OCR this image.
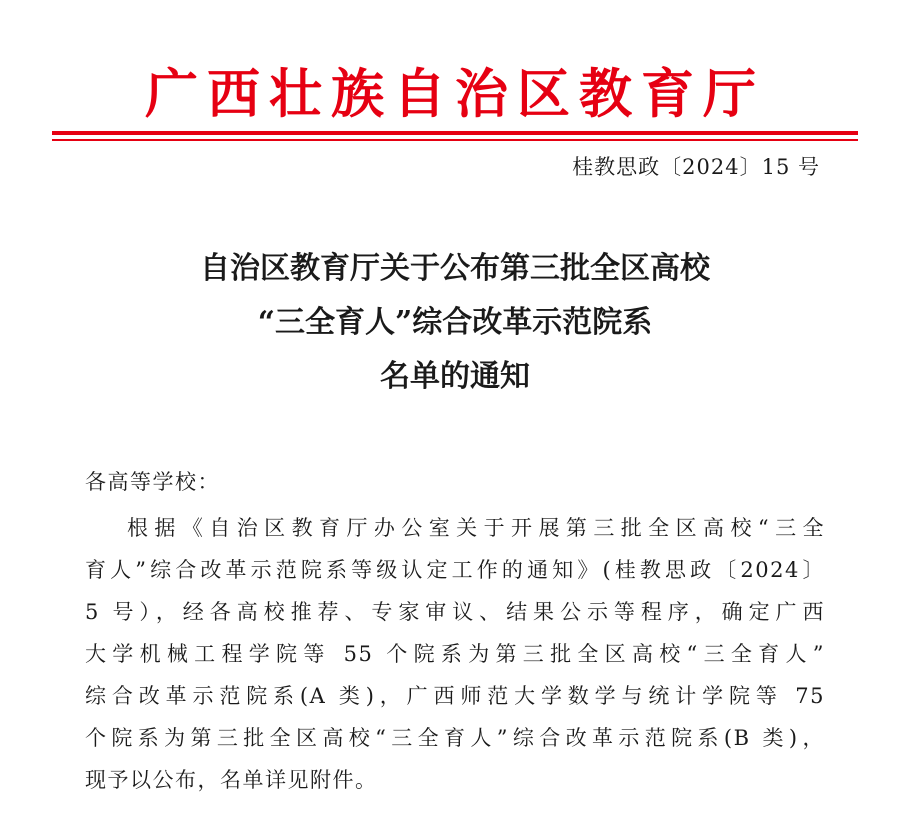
广西壮族自治区教育厅
桂教思政〔2024〕15 号
自治区教育厅关于公布第三批全区高校
“三全育人”综合改革示范院系
名单的通知
各高等学校：
根据《自治区教育厅办公室关于开展第三批全区高校“三全
育人”综合改革示范院系等级认定工作的通知》(桂教思政〔2024〕
5 号），经各高校推荐、专家审议、结果公示等程序，确定广西
大学机械工程学院等 55 个院系为第三批全区高校“三全育人”
综合改革示范院系(A 类)，广西师范大学数学与统计学院等 75
个院系为第三批全区高校“三全育人”综合改革示范院系(B 类)，
现予以公布，名单详见附件。
